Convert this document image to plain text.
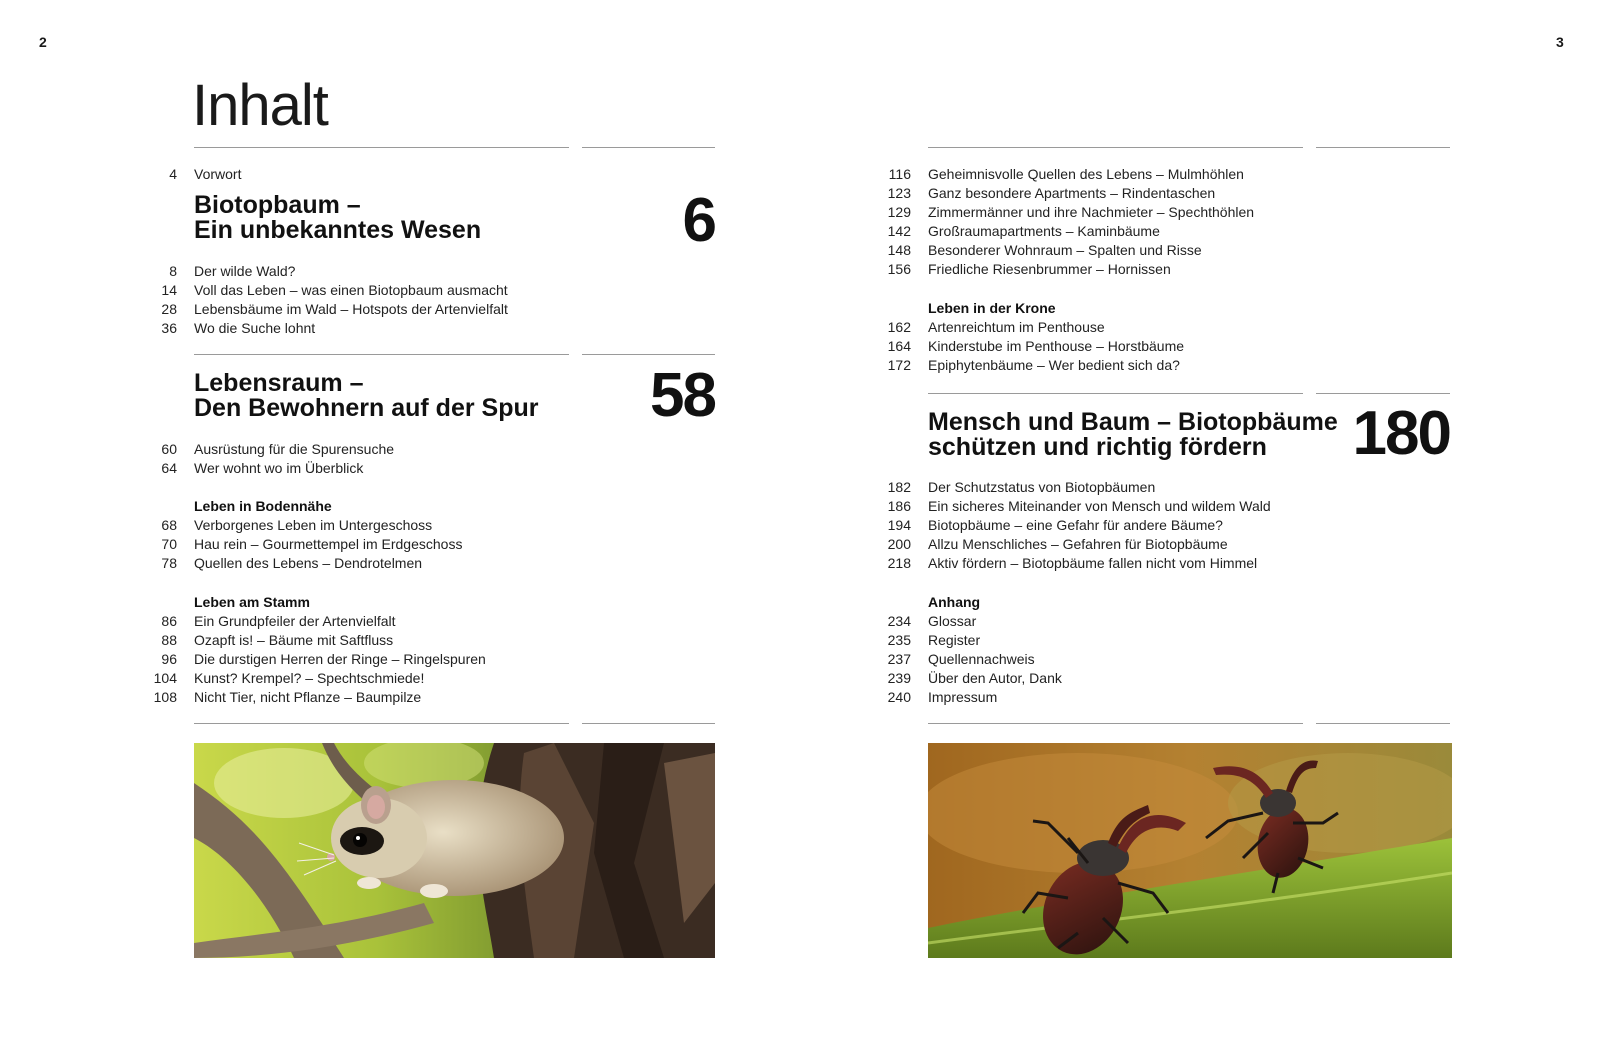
2	3
Inhalt
4 Vorwort
Biotopbaum –
Ein unbekanntes Wesen	6
8 Der wilde Wald?
14 Voll das Leben – was einen Biotopbaum ausmacht
28 Lebensbäume im Wald – Hotspots der Artenvielfalt
36 Wo die Suche lohnt
Lebensraum –
Den Bewohnern auf der Spur	58
60 Ausrüstung für die Spurensuche
64 Wer wohnt wo im Überblick
Leben in Bodennähe
68 Verborgenes Leben im Untergeschoss
70 Hau rein – Gourmettempel im Erdgeschoss
78 Quellen des Lebens – Dendrotelmen
Leben am Stamm
86 Ein Grundpfeiler der Artenvielfalt
88 Ozapft is! – Bäume mit Saftfluss
96 Die durstigen Herren der Ringe – Ringelspuren
104 Kunst? Krempel? – Spechtschmiede!
108 Nicht Tier, nicht Pflanze – Baumpilze
116 Geheimnisvolle Quellen des Lebens – Mulmhöhlen
123 Ganz besondere Apartments – Rindentaschen
129 Zimmermänner und ihre Nachmieter – Spechthöhlen
142 Großraumapartments – Kaminbäume
148 Besonderer Wohnraum – Spalten und Risse
156 Friedliche Riesenbrummer – Hornissen
Leben in der Krone
162 Artenreichtum im Penthouse
164 Kinderstube im Penthouse – Horstbäume
172 Epiphytenbäume – Wer bedient sich da?
Mensch und Baum – Biotopbäume
schützen und richtig fördern	180
182 Der Schutzstatus von Biotopbäumen
186 Ein sicheres Miteinander von Mensch und wildem Wald
194 Biotopbäume – eine Gefahr für andere Bäume?
200 Allzu Menschliches – Gefahren für Biotopbäume
218 Aktiv fördern – Biotopbäume fallen nicht vom Himmel
Anhang
234 Glossar
235 Register
237 Quellennachweis
239 Über den Autor, Dank
240 Impressum
